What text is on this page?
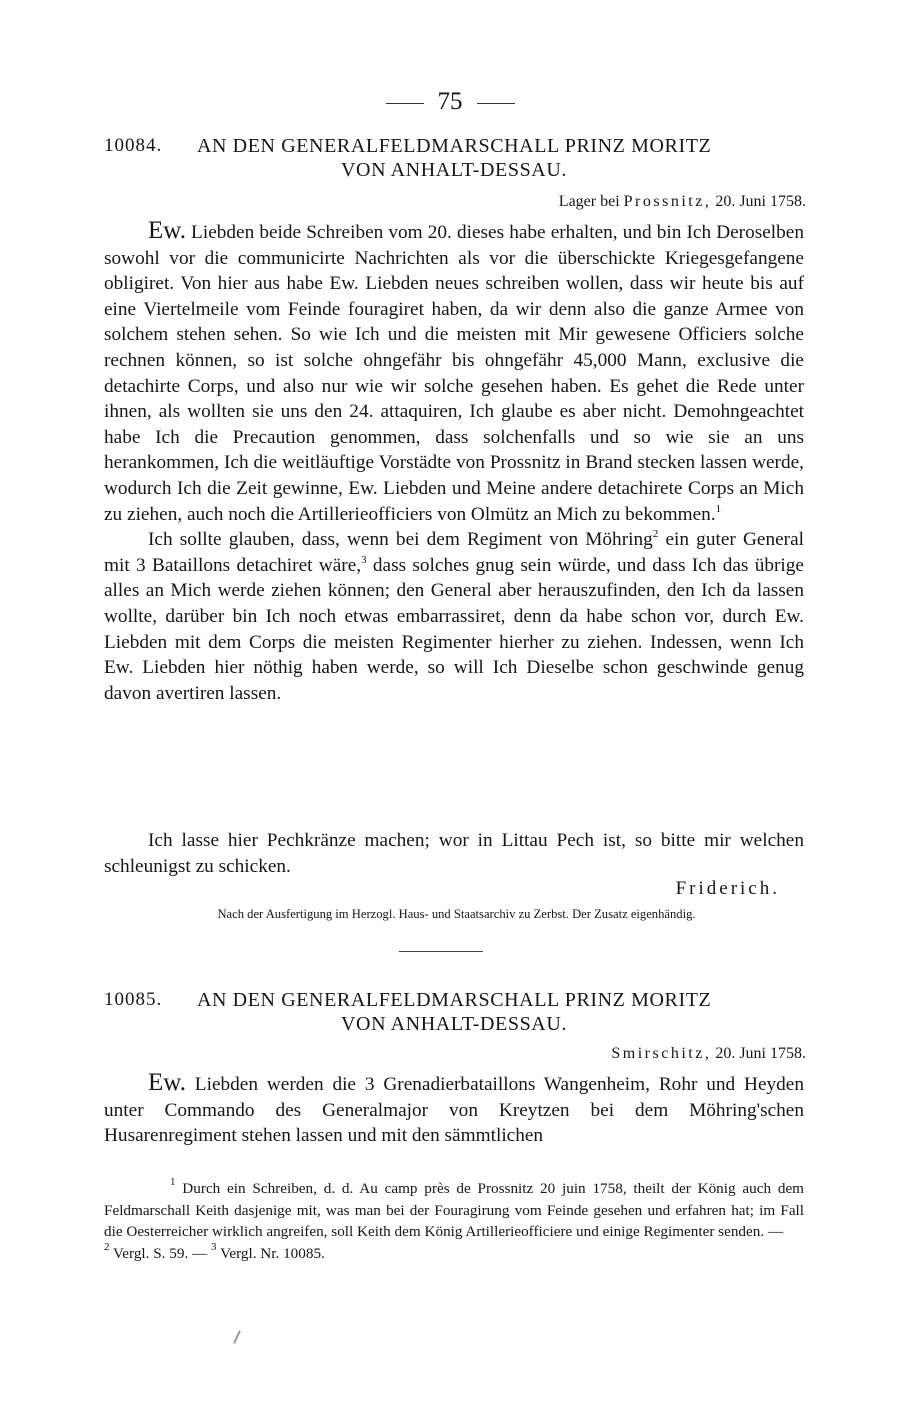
75
10084. AN DEN GENERALFELDMARSCHALL PRINZ MORITZ
VON ANHALT-DESSAU.
Lager bei Prossnitz, 20. Juni 1758.

Ew. Liebden beide Schreiben vom 20. dieses habe erhalten, und bin Ich Deroselben sowohl vor die communicirte Nachrichten als vor die überschickte Kriegesgefangene obligiret. Von hier aus habe Ew. Liebden neues schreiben wollen, dass wir heute bis auf eine Viertelmeile vom Feinde fouragiret haben, da wir denn also die ganze Armee von solchem stehen sehen. So wie Ich und die meisten mit Mir gewesene Officiers solche rechnen können, so ist solche ohngefähr bis ohngefähr 45,000 Mann, exclusive die detachirte Corps, und also nur wie wir solche gesehen haben. Es gehet die Rede unter ihnen, als wollten sie uns den 24. attaquiren, Ich glaube es aber nicht. Demohngeachtet habe Ich die Precaution genommen, dass solchenfalls und so wie sie an uns herankommen, Ich die weitläuftige Vorstädte von Prossnitz in Brand stecken lassen werde, wodurch Ich die Zeit gewinne, Ew. Liebden und Meine andere detachirete Corps an Mich zu ziehen, auch noch die Artillerieofficiers von Olmütz an Mich zu bekommen.$^1$

Ich sollte glauben, dass, wenn bei dem Regiment von Möhring$^2$ ein guter General mit 3 Bataillons detachiret wäre,$^3$ dass solches gnug sein würde, und dass Ich das übrige alles an Mich werde ziehen können; den General aber herauszufinden, den Ich da lassen wollte, darüber bin Ich noch etwas embarrassiret, denn da habe schon vor, durch Ew. Liebden mit dem Corps die meisten Regimenter hierher zu ziehen. Indessen, wenn Ich Ew. Liebden hier nöthig haben werde, so will Ich Dieselbe schon geschwinde genug davon avertiren lassen.

Ich lasse hier Pechkränze machen; wor in Littau Pech ist, so bitte mir welchen schleunigst zu schicken.

Friderich.
Nach der Ausfertigung im Herzogl. Haus- und Staatsarchiv zu Zerbst. Der Zusatz eigenhändig.
10085. AN DEN GENERALFELDMARSCHALL PRINZ MORITZ
VON ANHALT-DESSAU.
Smirschitz, 20. Juni 1758.

Ew. Liebden werden die 3 Grenadierbataillons Wangenheim, Rohr und Heyden unter Commando des Generalmajor von Kreytzen bei dem Möhring'schen Husarenregiment stehen lassen und mit den sämmtlichen

$^1$ Durch ein Schreiben, d. d. Au camp près de Prossnitz 20 juin 1758, theilt der König auch dem Feldmarschall Keith dasjenige mit, was man bei der Fouragirung vom Feinde gesehen und erfahren hat; im Fall die Oesterreicher wirklich angreifen, soll Keith dem König Artillerieofficiere und einige Regimenter senden. —
$^2$ Vergl. S. 59. — $^3$ Vergl. Nr. 10085.
